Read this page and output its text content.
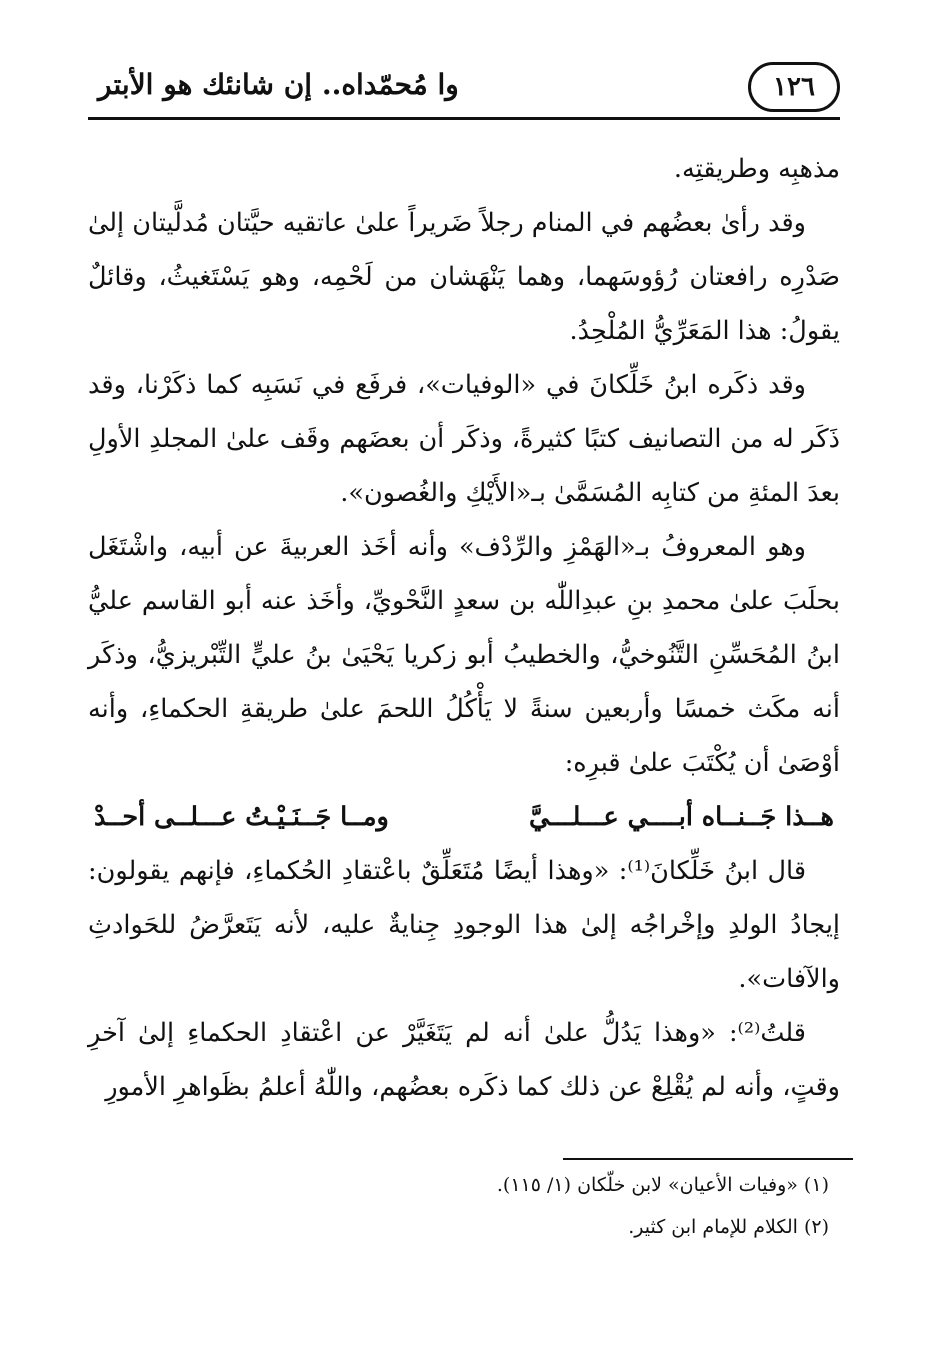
١٢٦
وا مُحمّداه.. إن شانئك هو الأبتر

مذهبِه وطريقتِه.

وقد رأىٰ بعضُهم في المنام رجلاً ضَريراً علىٰ عاتقيه حيَّتان مُدلَّيتان إلىٰ صَدْرِه رافعتان رُؤوسَهما، وهما يَنْهَشان من لَحْمِه، وهو يَسْتَغيثُ، وقائلٌ يقولُ: هذا المَعَرِّيُّ المُلْحِدُ.

وقد ذكَره ابنُ خَلِّكانَ في «الوفيات»، فرفَع في نَسَبِه كما ذكَرْنا، وقد ذَكَر له من التصانيف كتبًا كثيرةً، وذكَر أن بعضَهم وقَف علىٰ المجلدِ الأولِ بعدَ المئةِ من كتابِه المُسَمَّىٰ بـ«الأَيْكِ والغُصون».

وهو المعروفُ بـ«الهَمْزِ والرِّدْف» وأنه أخَذ العربيةَ عن أبيه، واشْتَغَل بحلَبَ علىٰ محمدِ بنِ عبدِاللّٰه بن سعدٍ النَّحْويِّ، وأخَذ عنه أبو القاسم عليُّ ابنُ المُحَسِّنِ التَّنُوخيُّ، والخطيبُ أبو زكريا يَحْيَىٰ بنُ عليٍّ التِّبْريزيُّ، وذكَر أنه مكَث خمسًا وأربعين سنةً لا يَأْكُلُ اللحمَ علىٰ طريقةِ الحكماءِ، وأنه أوْصَىٰ أن يُكْتَبَ علىٰ قبرِه:

هــذا جَــنــاه أبــــي عـــلـــيَّ
ومــا جَــنَـيْـتُ عـــلــى أحــدْ

قال ابنُ خَلِّكانَ⁽¹⁾: «وهذا أيضًا مُتَعَلِّقٌ باعْتقادِ الحُكماءِ، فإنهم يقولون: إيجادُ الولدِ وإخْراجُه إلىٰ هذا الوجودِ جِنايةٌ عليه، لأنه يَتَعرَّضُ للحَوادثِ والآفات».

قلتُ⁽²⁾: «وهذا يَدُلُّ علىٰ أنه لم يَتَغَيَّرْ عن اعْتقادِ الحكماءِ إلىٰ آخرِ وقتٍ، وأنه لم يُقْلِعْ عن ذلك كما ذكَره بعضُهم، واللّٰهُ أعلمُ بظَواهرِ الأمورِ

(١) «وفيات الأعيان» لابن خلّكان (١/ ١١٥).

(٢) الكلام للإمام ابن كثير.
